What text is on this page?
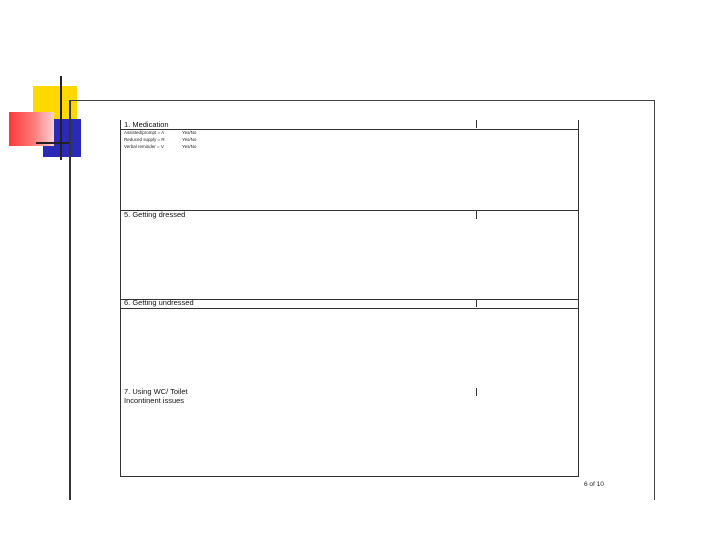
1. Medication
Assisted/prompt = A	Yes/No
Reduced supply = R	Yes/No
Verbal reminder = V	Yes/No
5. Getting dressed
6. Getting undressed
7. Using WC/ Toilet
Incontinent issues
6 of 10
